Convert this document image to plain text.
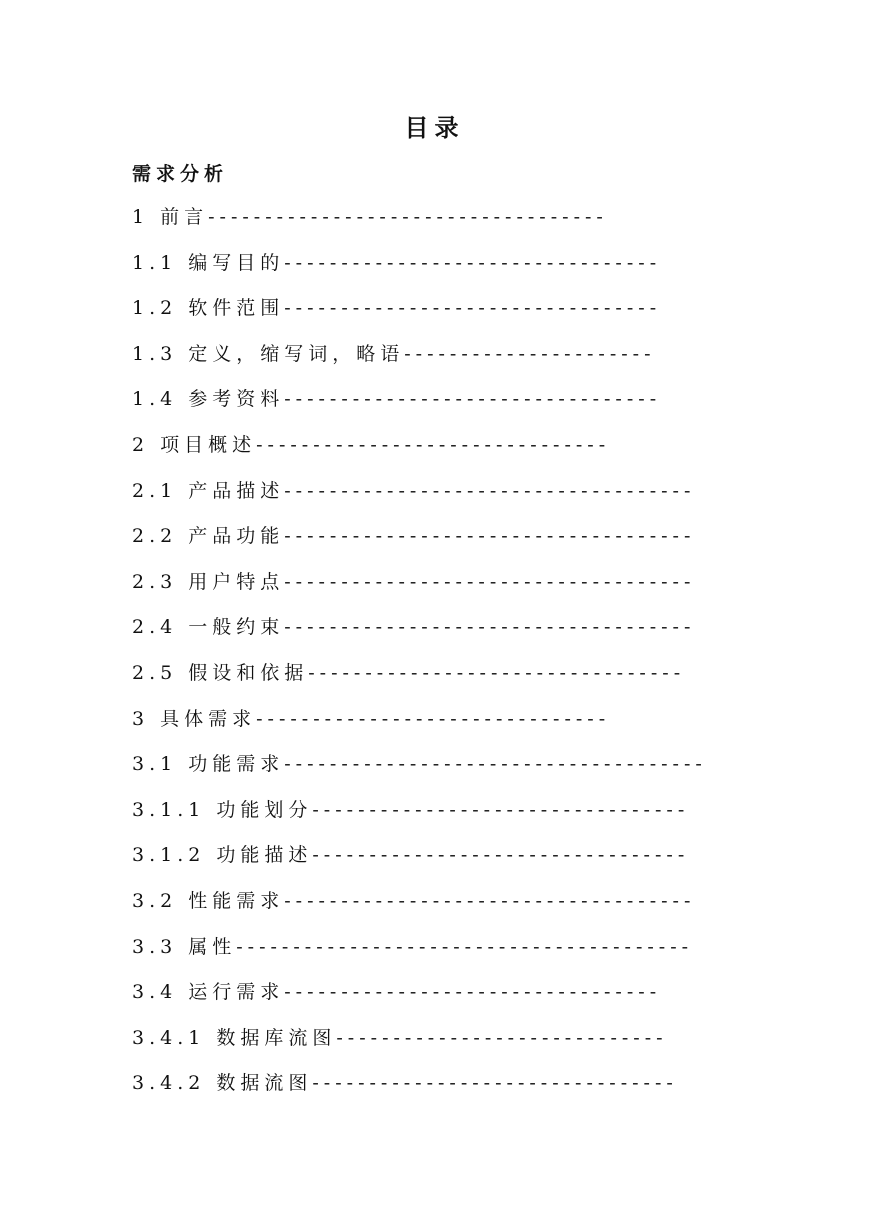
目录
需求分析
1 前言-----------------------------------
1.1 编写目的---------------------------------
1.2 软件范围---------------------------------
1.3 定义，缩写词，略语----------------------
1.4 参考资料---------------------------------
2 项目概述-------------------------------
2.1 产品描述------------------------------------
2.2 产品功能------------------------------------
2.3 用户特点------------------------------------
2.4 一般约束------------------------------------
2.5 假设和依据---------------------------------
3 具体需求-------------------------------
3.1 功能需求-------------------------------------
3.1.1 功能划分---------------------------------
3.1.2 功能描述---------------------------------
3.2 性能需求------------------------------------
3.3 属性----------------------------------------
3.4 运行需求---------------------------------
3.4.1 数据库流图-----------------------------
3.4.2 数据流图--------------------------------
